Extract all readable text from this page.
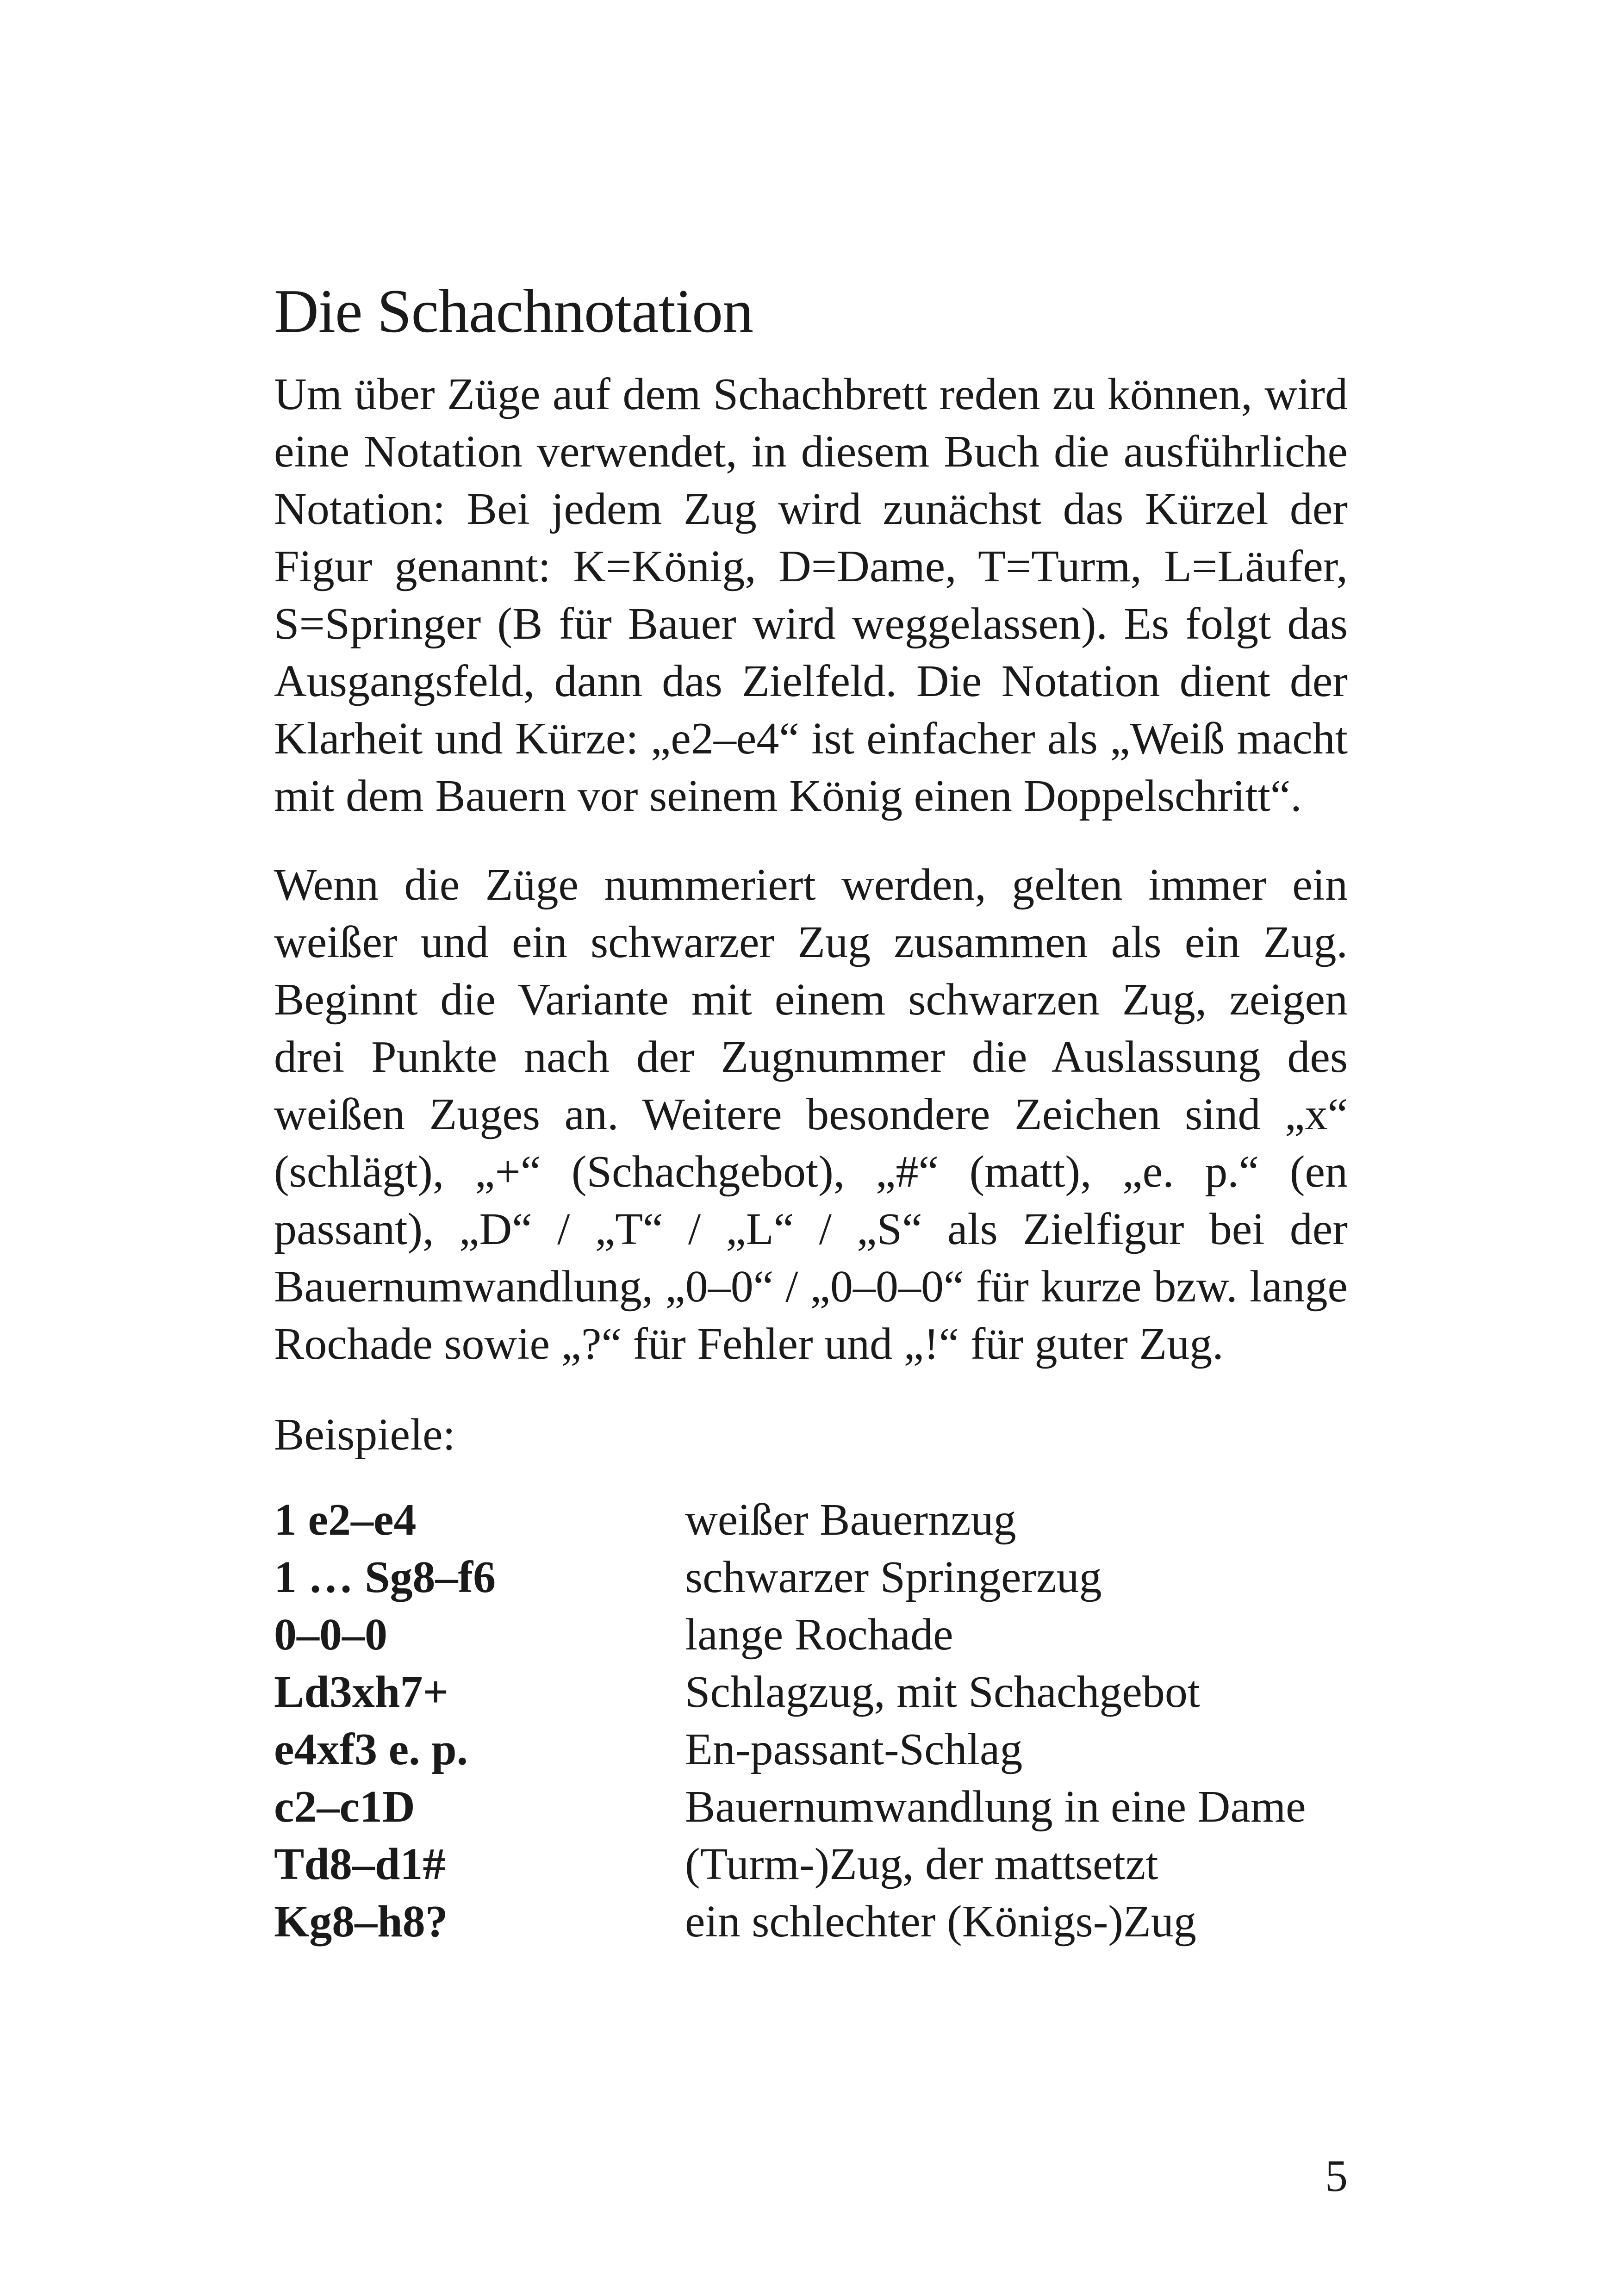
Die Schachnotation

Um über Züge auf dem Schachbrett reden zu können, wird eine Notation verwendet, in diesem Buch die ausführliche Notation: Bei jedem Zug wird zunächst das Kürzel der Figur genannt: K=König, D=Dame, T=Turm, L=Läufer, S=Springer (B für Bauer wird weggelassen). Es folgt das Ausgangsfeld, dann das Zielfeld. Die Notation dient der Klarheit und Kürze: „e2–e4“ ist einfacher als „Weiß macht mit dem Bauern vor seinem König einen Doppelschritt“.

Wenn die Züge nummeriert werden, gelten immer ein weißer und ein schwarzer Zug zusammen als ein Zug. Beginnt die Variante mit einem schwarzen Zug, zeigen drei Punkte nach der Zugnummer die Auslassung des weißen Zuges an. Weitere besondere Zeichen sind „x“ (schlägt), „+“ (Schachgebot), „#“ (matt), „e. p.“ (en passant), „D“ / „T“ / „L“ / „S“ als Zielfigur bei der Bauernumwandlung, „0–0“ / „0–0–0“ für kurze bzw. lange Rochade sowie „?“ für Fehler und „!“ für guter Zug.

Beispiele:

1 e2–e4	weißer Bauernzug
1 … Sg8–f6	schwarzer Springerzug
0–0–0	lange Rochade
Ld3xh7+	Schlagzug, mit Schachgebot
e4xf3 e. p.	En-passant-Schlag
c2–c1D	Bauernumwandlung in eine Dame
Td8–d1#	(Turm-)Zug, der mattsetzt
Kg8–h8?	ein schlechter (Königs-)Zug
5
